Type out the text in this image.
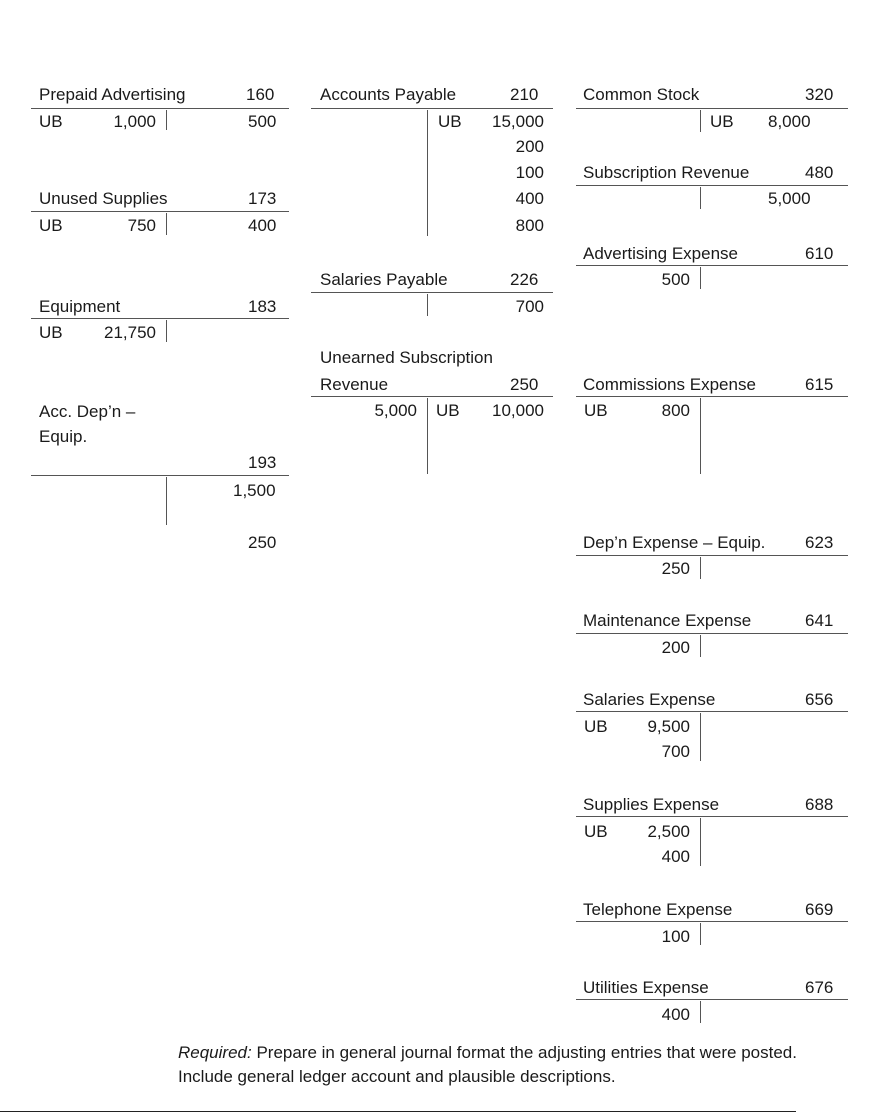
Prepaid Advertising	160
UB	1,000	500
Unused Supplies	173
UB	750	400
Equipment	183
UB	21,750
Acc. Dep’n –
Equip.
193
1,500
250
Accounts Payable	210
UB	15,000
200
100
400
800
Salaries Payable	226
700
Unearned Subscription
Revenue	250
5,000 UB	10,000
Common Stock	320
UB 8,000
Subscription Revenue	480
5,000
Advertising Expense	610
500
Commissions Expense	615
UB	800
Dep’n Expense – Equip. 623
250
Maintenance Expense	641
200
Salaries Expense	656
UB	9,500
700
Supplies Expense	688
UB	2,500
400
Telephone Expense	669
100
Utilities Expense	676
400
Required: Prepare in general journal format the adjusting entries that were posted. Include general ledger account and plausible descriptions.
